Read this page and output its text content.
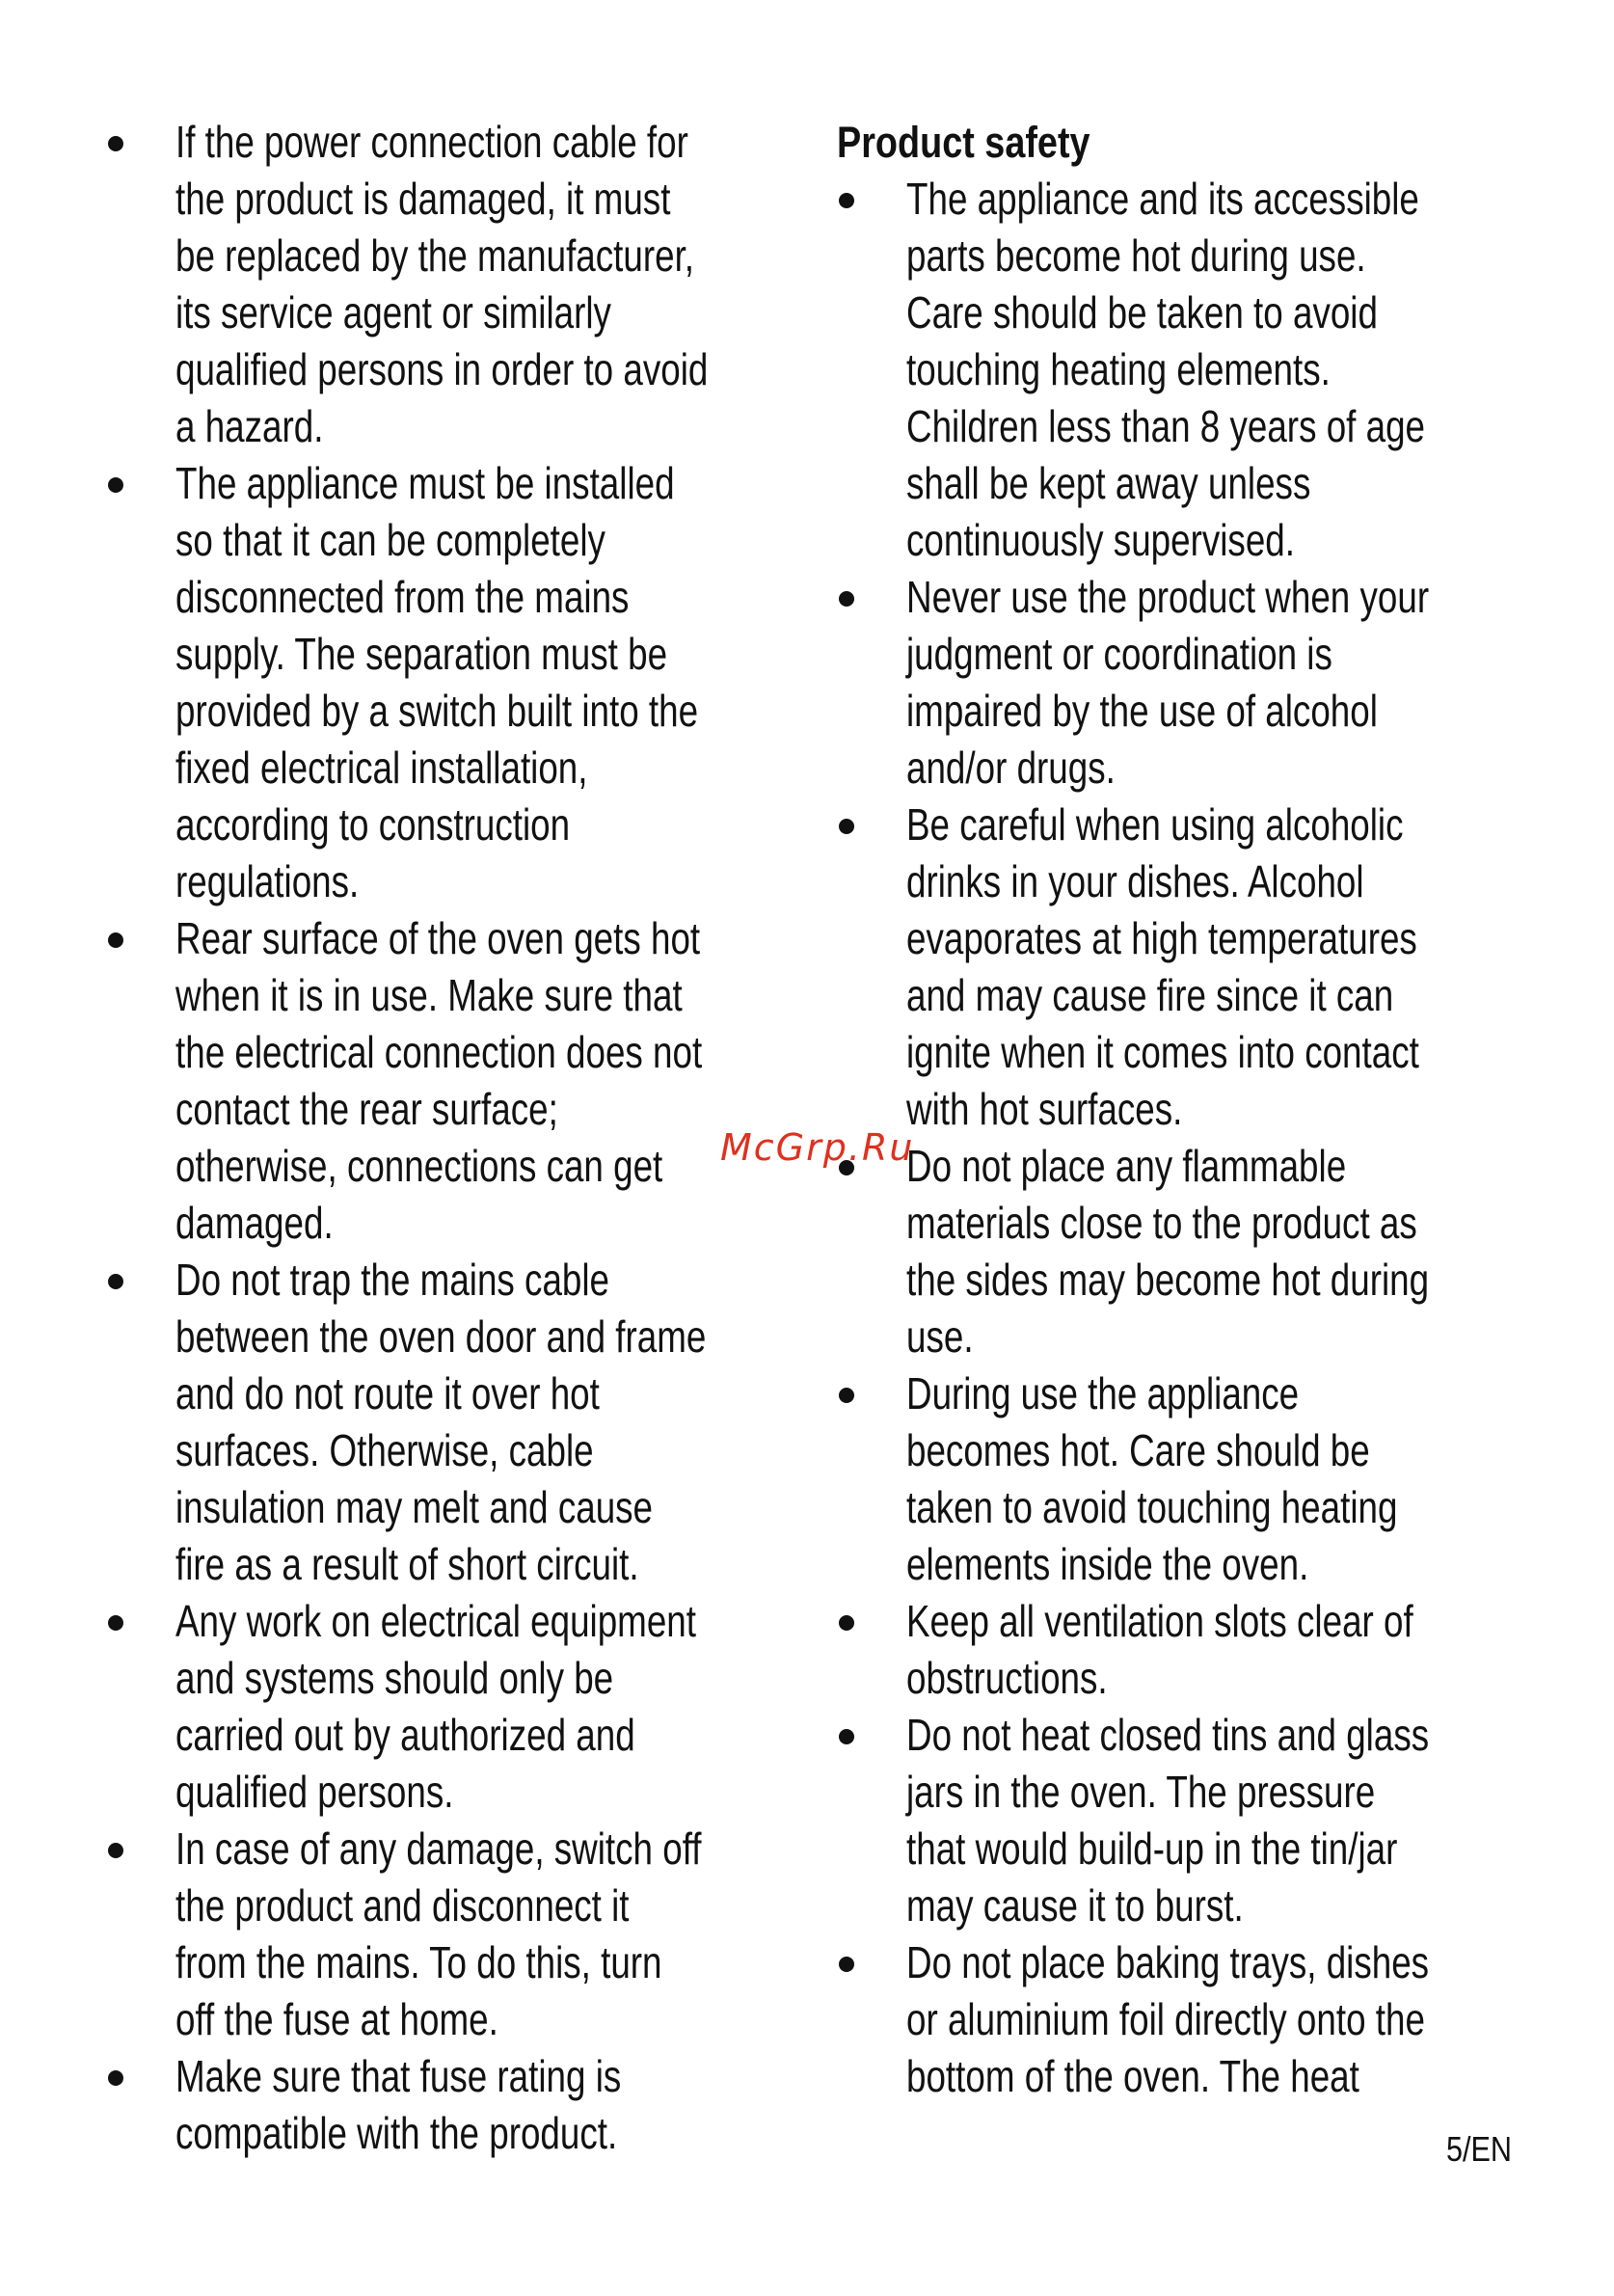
If the power connection cable for
the product is damaged, it must
be replaced by the manufacturer,
its service agent or similarly
qualified persons in order to avoid
a hazard.
The appliance must be installed
so that it can be completely
disconnected from the mains
supply. The separation must be
provided by a switch built into the
fixed electrical installation,
according to construction
regulations.
Rear surface of the oven gets hot
when it is in use. Make sure that
the electrical connection does not
contact the rear surface;
otherwise, connections can get
damaged.
Do not trap the mains cable
between the oven door and frame
and do not route it over hot
surfaces. Otherwise, cable
insulation may melt and cause
fire as a result of short circuit.
Any work on electrical equipment
and systems should only be
carried out by authorized and
qualified persons.
In case of any damage, switch off
the product and disconnect it
from the mains. To do this, turn
off the fuse at home.
Make sure that fuse rating is
compatible with the product.
Product safety
The appliance and its accessible
parts become hot during use.
Care should be taken to avoid
touching heating elements.
Children less than 8 years of age
shall be kept away unless
continuously supervised.
Never use the product when your
judgment or coordination is
impaired by the use of alcohol
and/or drugs.
Be careful when using alcoholic
drinks in your dishes. Alcohol
evaporates at high temperatures
and may cause fire since it can
ignite when it comes into contact
with hot surfaces.
Do not place any flammable
materials close to the product as
the sides may become hot during
use.
During use the appliance
becomes hot. Care should be
taken to avoid touching heating
elements inside the oven.
Keep all ventilation slots clear of
obstructions.
Do not heat closed tins and glass
jars in the oven. The pressure
that would build-up in the tin/jar
may cause it to burst.
Do not place baking trays, dishes
or aluminium foil directly onto the
bottom of the oven. The heat
McGrp.Ru
5/EN
